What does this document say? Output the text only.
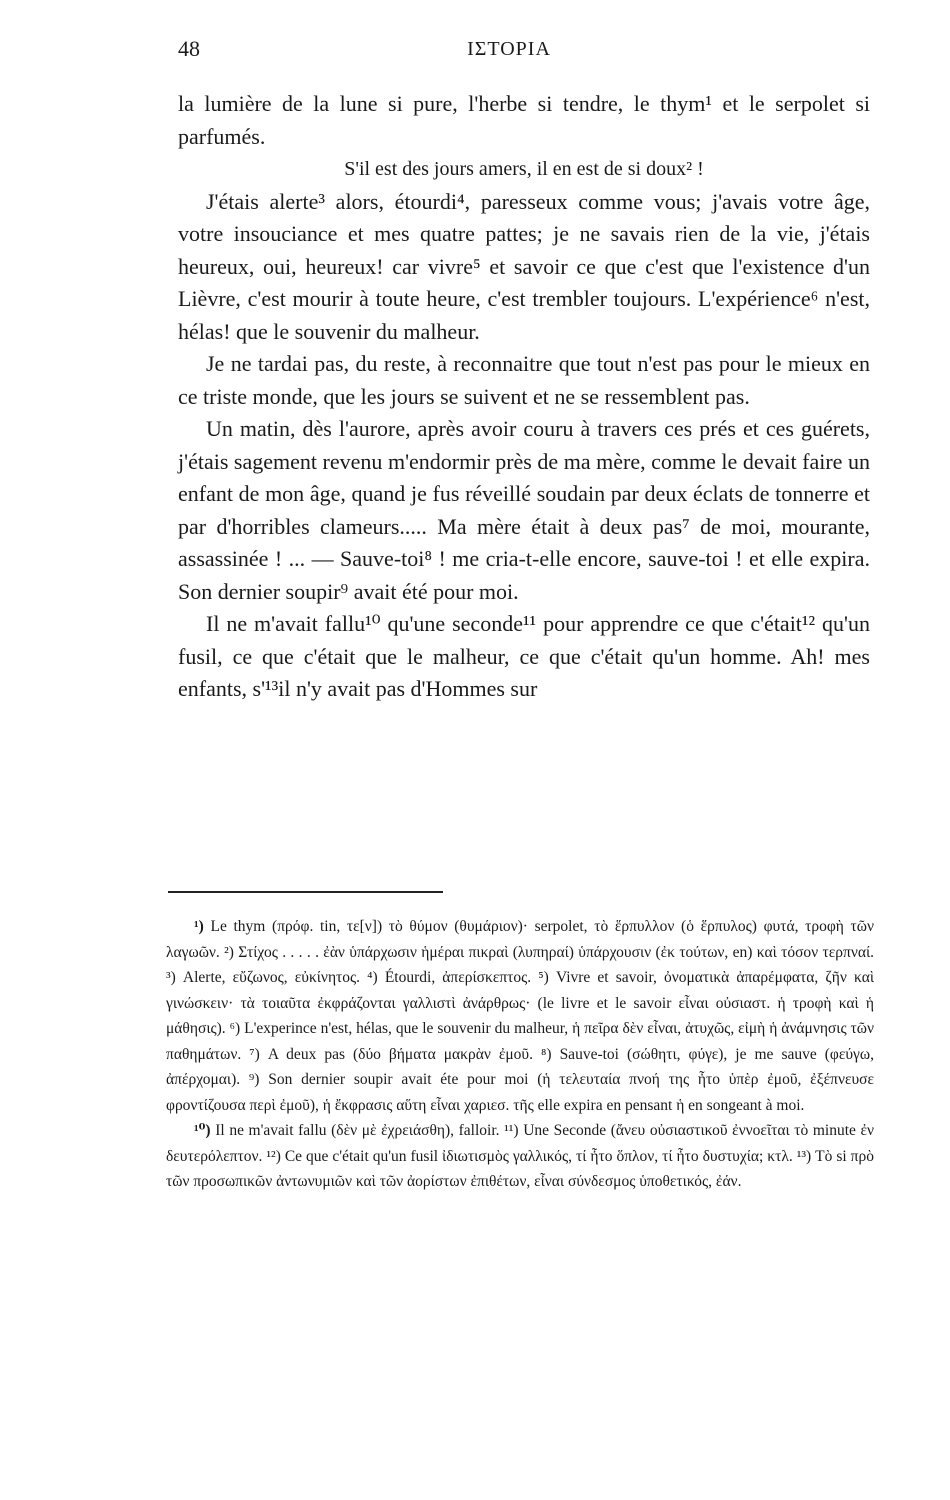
48	ΙΣΤΟΡΙΑ

la lumière de la lune si pure, l'herbe si tendre, le thym¹ et le serpolet si parfumés.

S'il est des jours amers, il en est de si doux² !

J'étais alerte³ alors, étourdi⁴, paresseux comme vous; j'avais votre âge, votre insouciance et mes quatre pattes; je ne savais rien de la vie, j'étais heureux, oui, heureux! car vivre⁵ et savoir ce que c'est que l'existence d'un Lièvre, c'est mourir à toute heure, c'est trembler toujours. L'expérience⁶ n'est, hélas! que le souvenir du malheur.

Je ne tardai pas, du reste, à reconnaitre que tout n'est pas pour le mieux en ce triste monde, que les jours se suivent et ne se ressemblent pas.

Un matin, dès l'aurore, après avoir couru à travers ces prés et ces guérets, j'étais sagement revenu m'endormir près de ma mère, comme le devait faire un enfant de mon âge, quand je fus réveillé soudain par deux éclats de tonnerre et par d'horribles clameurs..... Ma mère était à deux pas⁷ de moi, mourante, assassinée ! ... — Sauve-toi⁸ ! me cria-t-elle encore, sauve-toi ! et elle expira. Son dernier soupir⁹ avait été pour moi.

Il ne m'avait fallu¹⁰ qu'une seconde¹¹ pour apprendre ce que c'était¹² qu'un fusil, ce que c'était que le malheur, ce que c'était qu'un homme. Ah! mes enfants, s'¹³il n'y avait pas d'Hommes sur

¹) Le thym (πρόφ. tin, τε[ν]) τὸ θύμον (θυμάριον)· serpolet, τὸ ἕρπυλλον (ὁ ἕρπυλος) φυτά, τροφὴ τῶν λαγωῶν. ²) Στίχος . . . . . ἐὰν ὑπάρχωσιν ἡμέραι πικραὶ (λυπηραί) ὑπάρχουσιν (ἐκ τούτων, en) καὶ τόσον τερπναί. ³) Alerte, εὔζωνος, εὐκίνητος. ⁴) Étourdi, ἀπερίσκεπτος. ⁵) Vivre et savoir, ὀνοματικὰ ἀπαρέμφατα, ζῆν καὶ γινώσκειν· τὰ τοιαῦτα ἐκφράζονται γαλλιστὶ ἀνάρθρως· (le livre et le savoir εἶναι οὐσιαστ. ἡ τροφὴ καὶ ἡ μάθησις). ⁶) L'experince n'est, hélas, que le souvenir du malheur, ἡ πεῖρα δὲν εἶναι, ἀτυχῶς, εἰμὴ ἡ ἀνάμνησις τῶν παθημάτων. ⁷) A deux pas (δύο βήματα μακρὰν ἐμοῦ. ⁸) Sauve-toi (σώθητι, φύγε), je me sauve (φεύγω, ἀπέρχομαι). ⁹) Son dernier soupir avait éte pour moi (ἡ τελευταία πνοή της ἦτο ὑπὲρ ἐμοῦ, ἐξέπνευσε φροντίζουσα περὶ ἐμοῦ), ἡ ἔκφρασις αὕτη εἶναι χαριεσ. τῆς elle expira en pensant ἡ en songeant à moi.

¹⁰) Il ne m'avait fallu (δὲν μὲ ἐχρειάσθη), falloir. ¹¹) Une Seconde (ἄνευ οὐσιαστικοῦ ἐννοεῖται τὸ minute ἐν δευτερόλεπτον. ¹²) Ce que c'était qu'un fusil ἰδιωτισμὸς γαλλικός, τί ἦτο ὅπλον, τί ἦτο δυστυχία; κτλ. ¹³) Τὸ si πρὸ τῶν προσωπικῶν ἀντωνυμιῶν καὶ τῶν ἀορίστων ἐπιθέτων, εἶναι σύνδεσμος ὑποθετικός, ἐάν.
